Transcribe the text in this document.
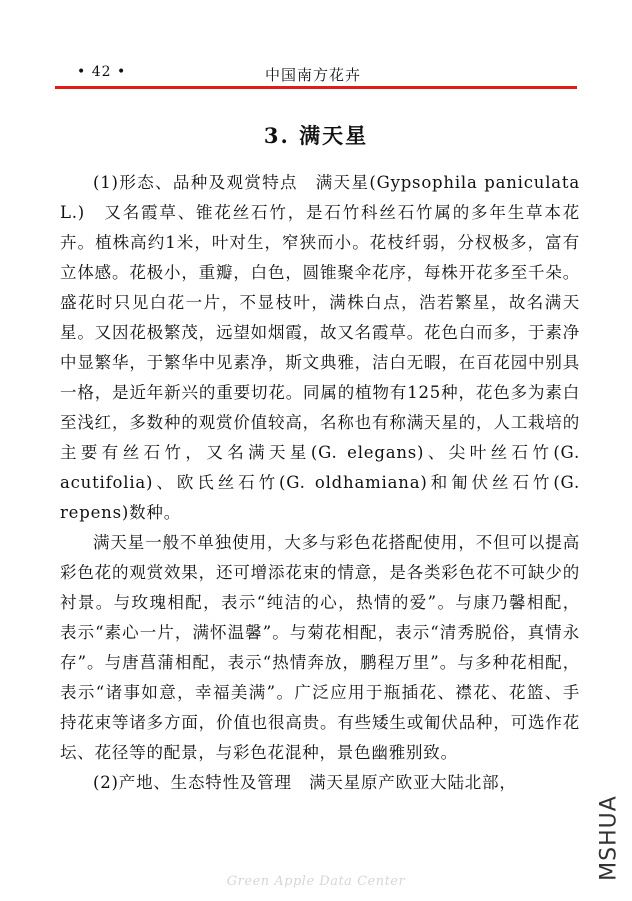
• 42 •	中国南方花卉
3. 满天星

(1)形态、品种及观赏特点　满天星(Gypsophila paniculata L.)　又名霞草、锥花丝石竹，是石竹科丝石竹属的多年生草本花卉。植株高约1米，叶对生，窄狭而小。花枝纤弱，分杈极多，富有立体感。花极小，重瓣，白色，圆锥聚伞花序，每株开花多至千朵。盛花时只见白花一片，不显枝叶，满株白点，浩若繁星，故名满天星。又因花极繁茂，远望如烟霞，故又名霞草。花色白而多，于素净中显繁华，于繁华中见素净，斯文典雅，洁白无暇，在百花园中别具一格，是近年新兴的重要切花。同属的植物有125种，花色多为素白至浅红，多数种的观赏价值较高，名称也有称满天星的，人工栽培的主要有丝石竹，又名满天星(G. elegans)、尖叶丝石竹(G. acutifolia)、欧氏丝石竹(G. oldhamiana)和匍伏丝石竹(G. repens)数种。

满天星一般不单独使用，大多与彩色花搭配使用，不但可以提高彩色花的观赏效果，还可增添花束的情意，是各类彩色花不可缺少的衬景。与玫瑰相配，表示“纯洁的心，热情的爱”。与康乃馨相配，表示“素心一片，满怀温馨”。与菊花相配，表示“清秀脱俗，真情永存”。与唐菖蒲相配，表示“热情奔放，鹏程万里”。与多种花相配，表示“诸事如意，幸福美满”。广泛应用于瓶插花、襟花、花篮、手持花束等诸多方面，价值也很高贵。有些矮生或匍伏品种，可选作花坛、花径等的配景，与彩色花混种，景色幽雅别致。

(2)产地、生态特性及管理　满天星原产欧亚大陆北部，

MSHUA
Green Apple Data Center
